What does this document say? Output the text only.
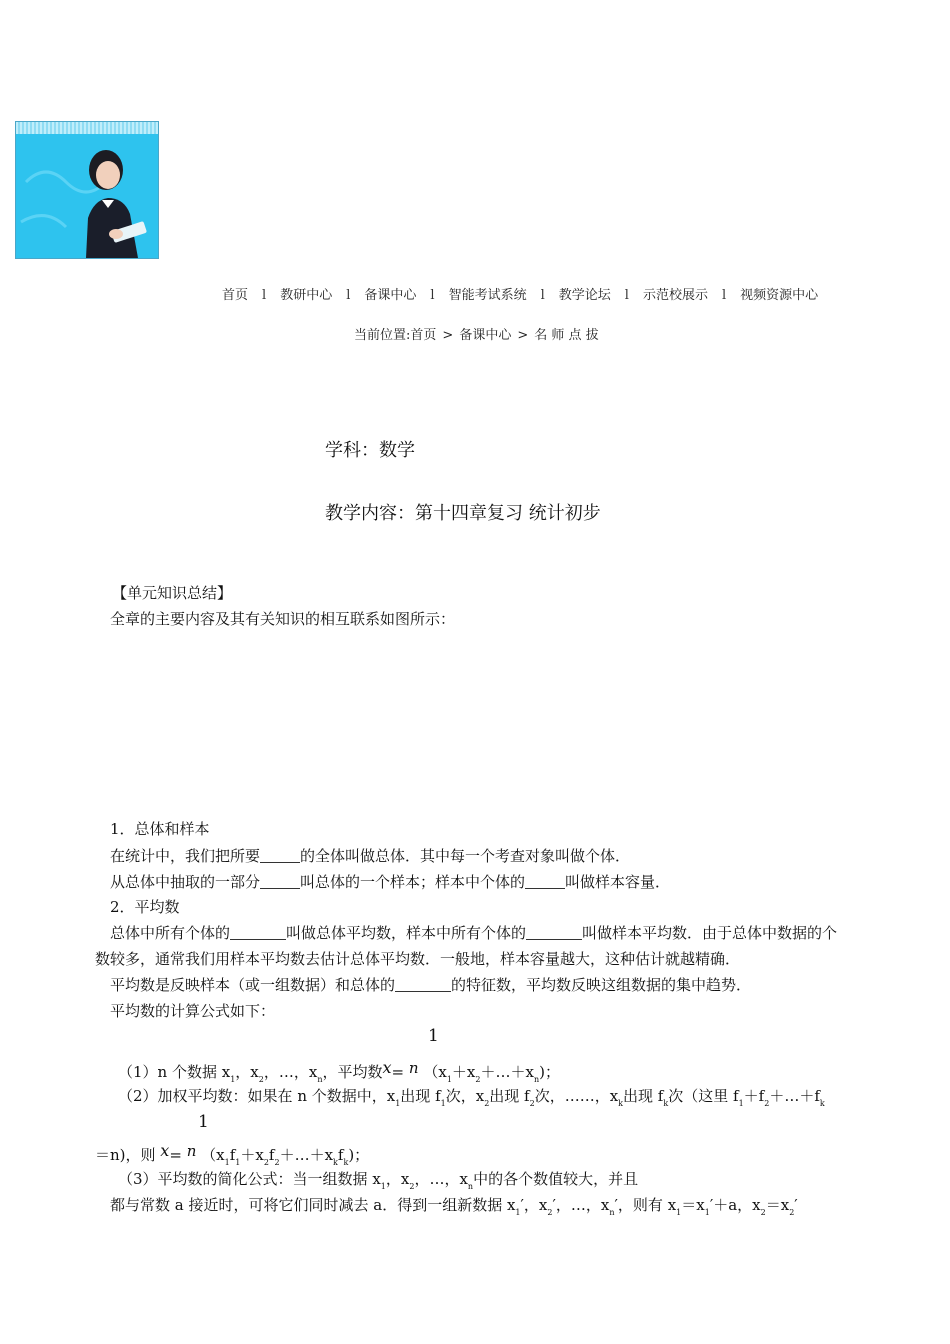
首页 l 教研中心 l 备课中心 l 智能考试系统 l 教学论坛 l 示范校展示 l 视频资源中心
当前位置:首页 > 备课中心 > 名 师 点 拔
学科：数学
教学内容：第十四章复习 统计初步
【单元知识总结】
全章的主要内容及其有关知识的相互联系如图所示：
1．总体和样本
在统计中，我们把所要	的全体叫做总体．其中每一个考查对象叫做个体．
从总体中抽取的一部分	叫总体的一个样本；样本中个体的	叫做样本容量．
2．平均数
总体中所有个体的	叫做总体平均数，样本中所有个体的	叫做样本平均数．由于总体中数据的个
数较多，通常我们用样本平均数去估计总体平均数．一般地，样本容量越大，这种估计就越精确．
平均数是反映样本（或一组数据）和总体的	的特征数，平均数反映这组数据的集中趋势．
平均数的计算公式如下：
1
（1）n 个数据 $x_1$，$x_2$，…，$x_n$，平均数x= n $(x_1+x_2+\dots+x_n)$；
（2）加权平均数：如果在 n 个数据中，$x_1$出现 $f_1$次，$x_2$出现 $f_2$次，……，$x_k$出现 $f_k$次（这里 $f_1+f_2+\dots+f_k$
1
＝n)，则 x= n $(x_1f_1+x_2f_2+\dots+x_kf_k)$；
（3）平均数的简化公式：当一组数据 $x_1$，$x_2$，…，$x_n$中的各个数值较大，并且
都与常数 a 接近时，可将它们同时减去 a．得到一组新数据 $x_1'$，$x_2'$，…，$x_n'$，则有 $x_1=x_1'+a$，$x_2=x_2'$
